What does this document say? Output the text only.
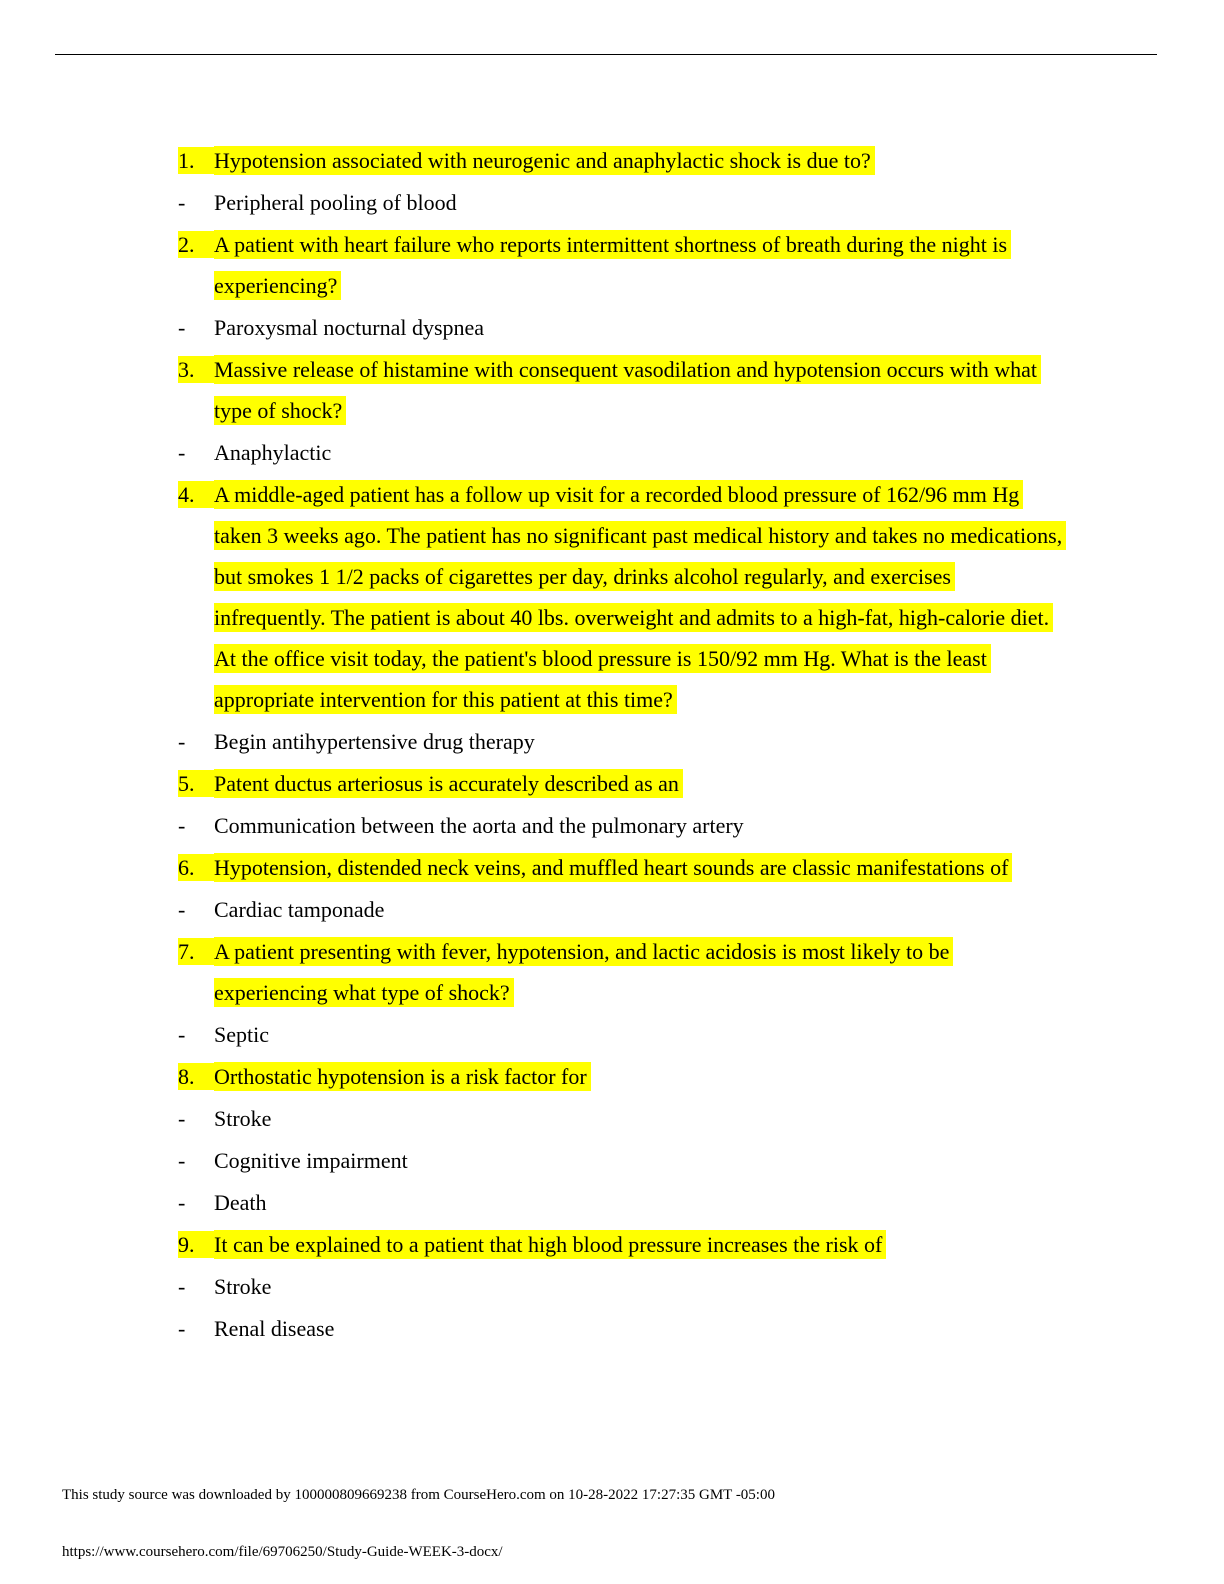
1. Hypotension associated with neurogenic and anaphylactic shock is due to?
-	Peripheral pooling of blood
2. A patient with heart failure who reports intermittent shortness of breath during the night is experiencing?
-	Paroxysmal nocturnal dyspnea
3. Massive release of histamine with consequent vasodilation and hypotension occurs with what type of shock?
-	Anaphylactic
4. A middle-aged patient has a follow up visit for a recorded blood pressure of 162/96 mm Hg taken 3 weeks ago. The patient has no significant past medical history and takes no medications, but smokes 1 1/2 packs of cigarettes per day, drinks alcohol regularly, and exercises infrequently. The patient is about 40 lbs. overweight and admits to a high-fat, high-calorie diet. At the office visit today, the patient's blood pressure is 150/92 mm Hg. What is the least appropriate intervention for this patient at this time?
-	Begin antihypertensive drug therapy
5. Patent ductus arteriosus is accurately described as an
-	Communication between the aorta and the pulmonary artery
6. Hypotension, distended neck veins, and muffled heart sounds are classic manifestations of
-	Cardiac tamponade
7. A patient presenting with fever, hypotension, and lactic acidosis is most likely to be experiencing what type of shock?
-	Septic
8. Orthostatic hypotension is a risk factor for
-	Stroke
-	Cognitive impairment
-	Death
9. It can be explained to a patient that high blood pressure increases the risk of
-	Stroke
-	Renal disease
This study source was downloaded by 100000809669238 from CourseHero.com on 10-28-2022 17:27:35 GMT -05:00
https://www.coursehero.com/file/69706250/Study-Guide-WEEK-3-docx/
